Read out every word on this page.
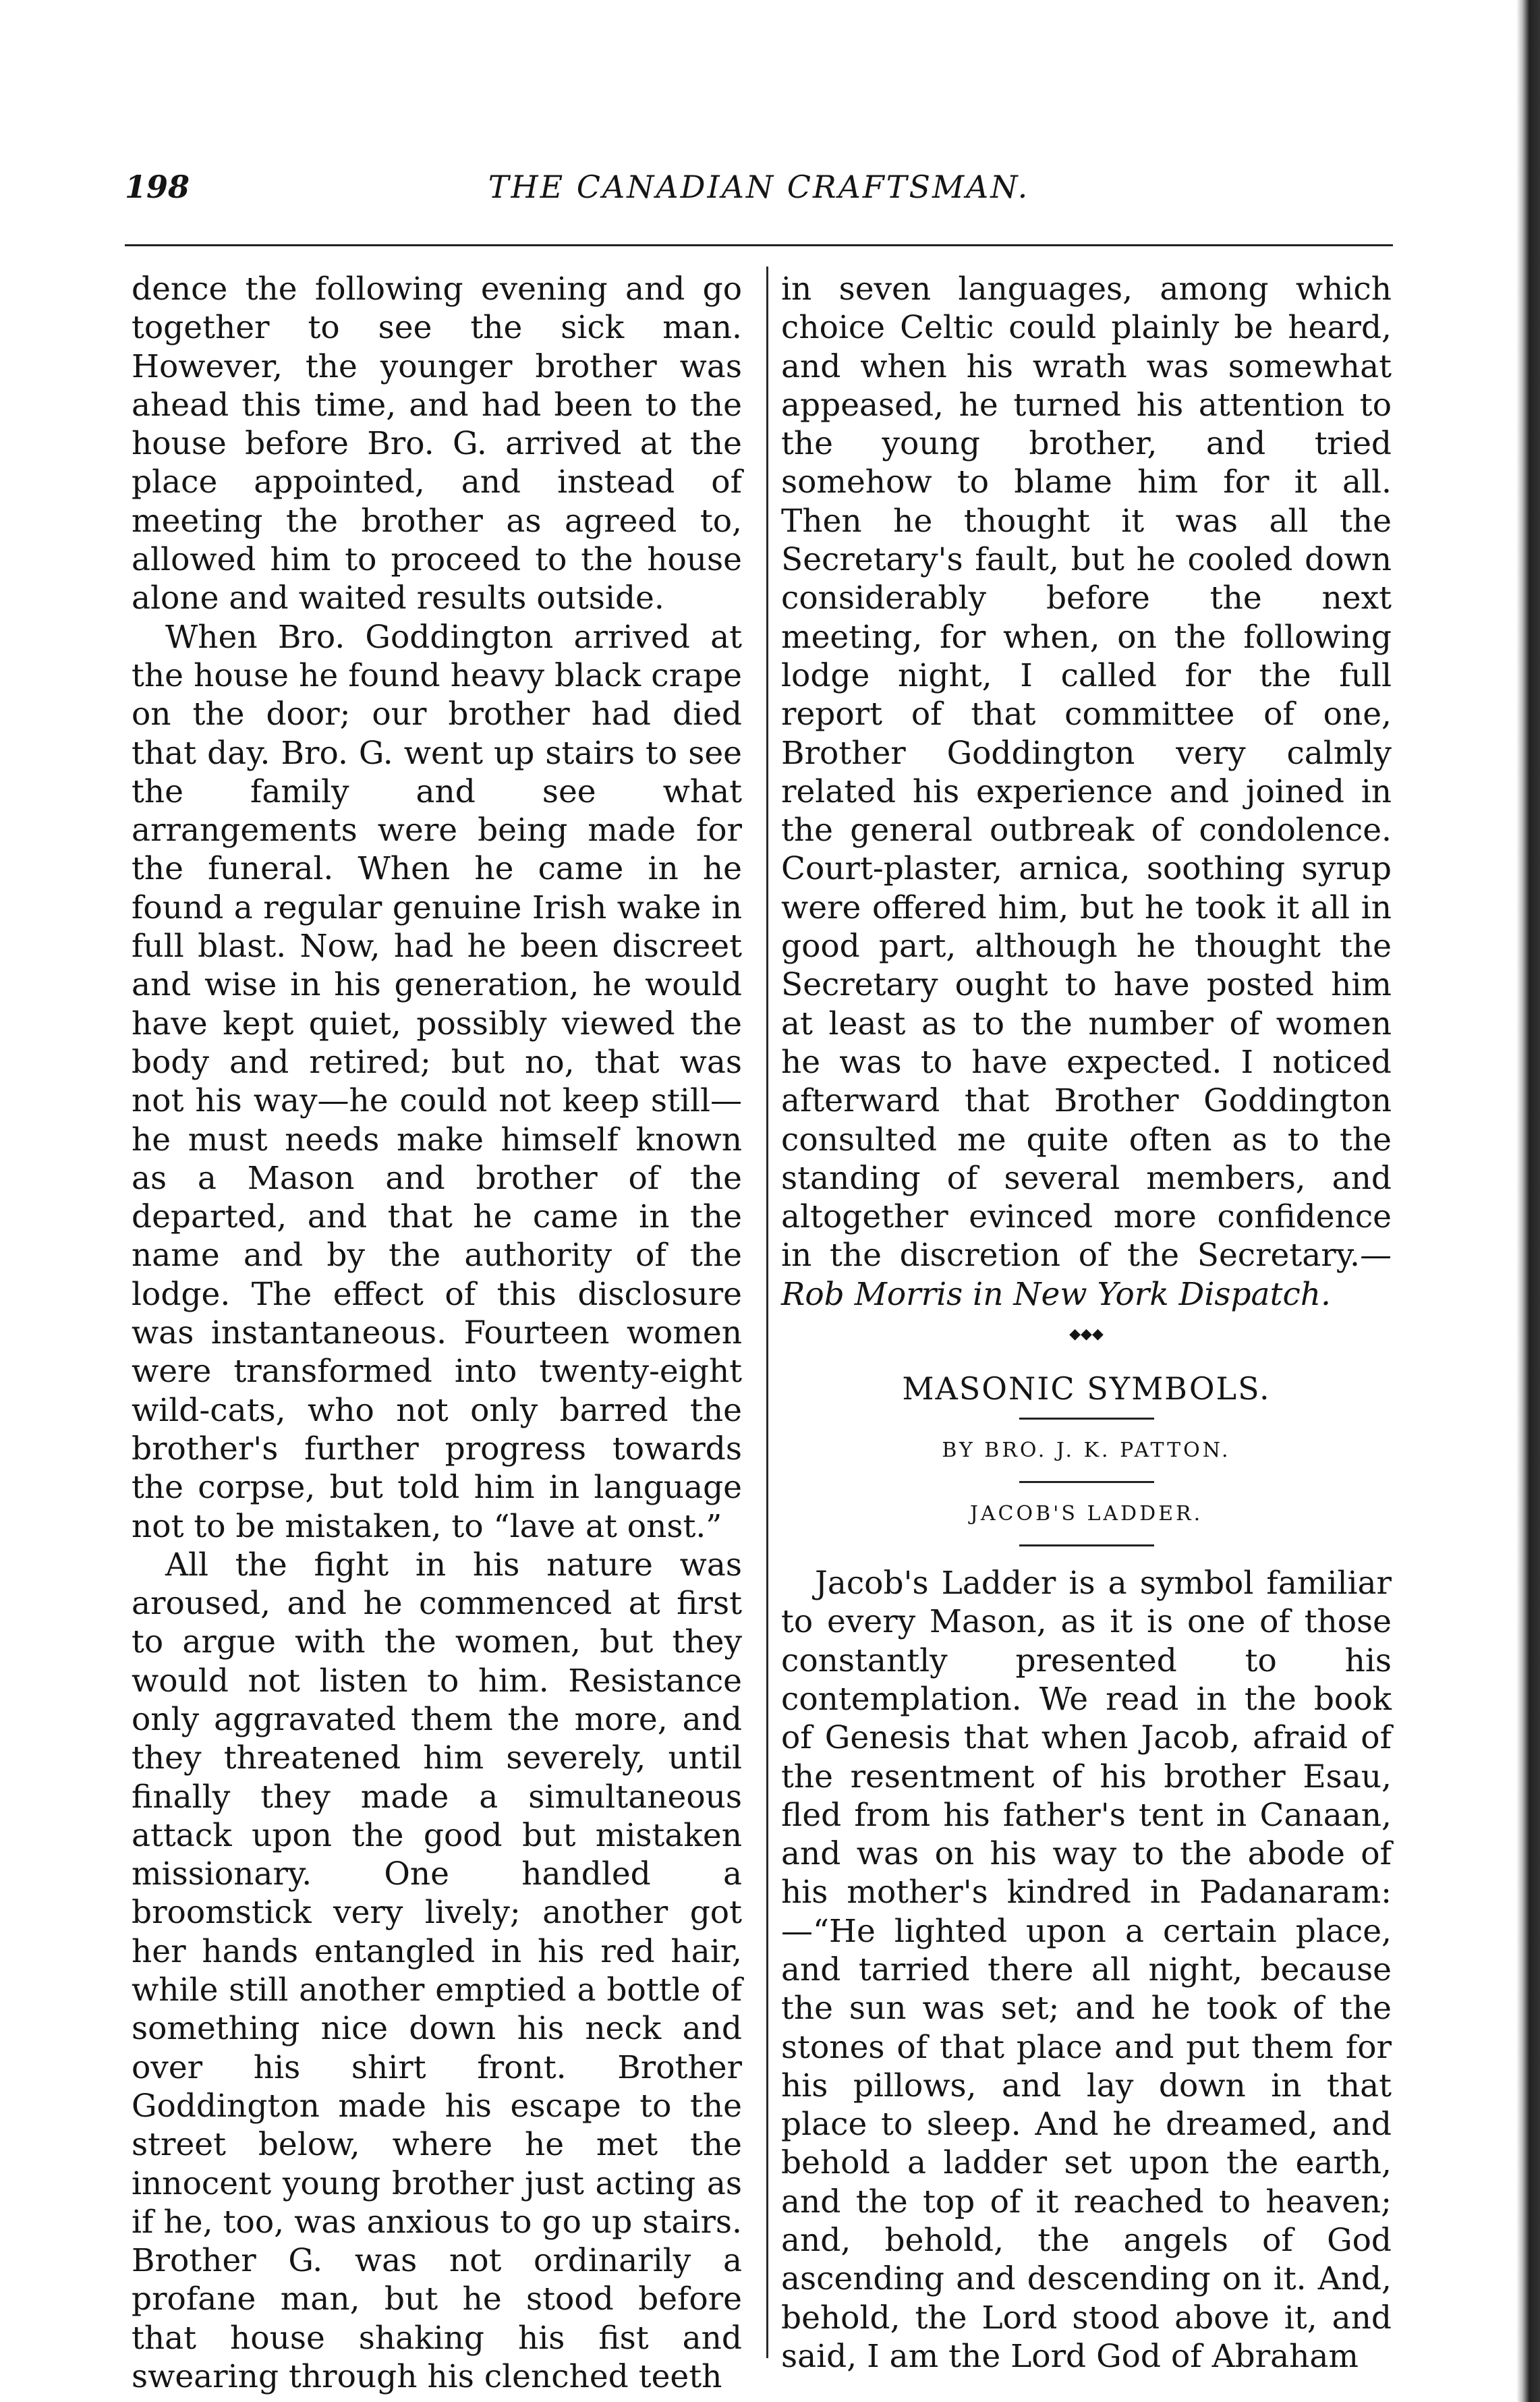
198	THE CANADIAN CRAFTSMAN.

dence the following evening and go together to see the sick man. However, the younger brother was ahead this time, and had been to the house before Bro. G. arrived at the place appointed, and instead of meeting the brother as agreed to, allowed him to proceed to the house alone and waited results outside.

When Bro. Goddington arrived at the house he found heavy black crape on the door; our brother had died that day. Bro. G. went up stairs to see the family and see what arrangements were being made for the funeral. When he came in he found a regular genuine Irish wake in full blast. Now, had he been discreet and wise in his generation, he would have kept quiet, possibly viewed the body and retired; but no, that was not his way—he could not keep still—he must needs make himself known as a Mason and brother of the departed, and that he came in the name and by the authority of the lodge. The effect of this disclosure was instantaneous. Fourteen women were transformed into twenty-eight wild-cats, who not only barred the brother's further progress towards the corpse, but told him in language not to be mistaken, to “lave at onst.”

All the fight in his nature was aroused, and he commenced at first to argue with the women, but they would not listen to him. Resistance only aggravated them the more, and they threatened him severely, until finally they made a simultaneous attack upon the good but mistaken missionary. One handled a broomstick very lively; another got her hands entangled in his red hair, while still another emptied a bottle of something nice down his neck and over his shirt front. Brother Goddington made his escape to the street below, where he met the innocent young brother just acting as if he, too, was anxious to go up stairs. Brother G. was not ordinarily a profane man, but he stood before that house shaking his fist and swearing through his clenched teeth

in seven languages, among which choice Celtic could plainly be heard, and when his wrath was somewhat appeased, he turned his attention to the young brother, and tried somehow to blame him for it all. Then he thought it was all the Secretary's fault, but he cooled down considerably before the next meeting, for when, on the following lodge night, I called for the full report of that committee of one, Brother Goddington very calmly related his experience and joined in the general outbreak of condolence. Court-plaster, arnica, soothing syrup were offered him, but he took it all in good part, although he thought the Secretary ought to have posted him at least as to the number of women he was to have expected. I noticed afterward that Brother Goddington consulted me quite often as to the standing of several members, and altogether evinced more confidence in the discretion of the Secretary.—Rob Morris in New York Dispatch.

◆◆◆
MASONIC SYMBOLS.
BY BRO. J. K. PATTON.
JACOB'S LADDER.

Jacob's Ladder is a symbol familiar to every Mason, as it is one of those constantly presented to his contemplation. We read in the book of Genesis that when Jacob, afraid of the resentment of his brother Esau, fled from his father's tent in Canaan, and was on his way to the abode of his mother's kindred in Padanaram:—“He lighted upon a certain place, and tarried there all night, because the sun was set; and he took of the stones of that place and put them for his pillows, and lay down in that place to sleep. And he dreamed, and behold a ladder set upon the earth, and the top of it reached to heaven; and, behold, the angels of God ascending and descending on it. And, behold, the Lord stood above it, and said, I am the Lord God of Abraham
